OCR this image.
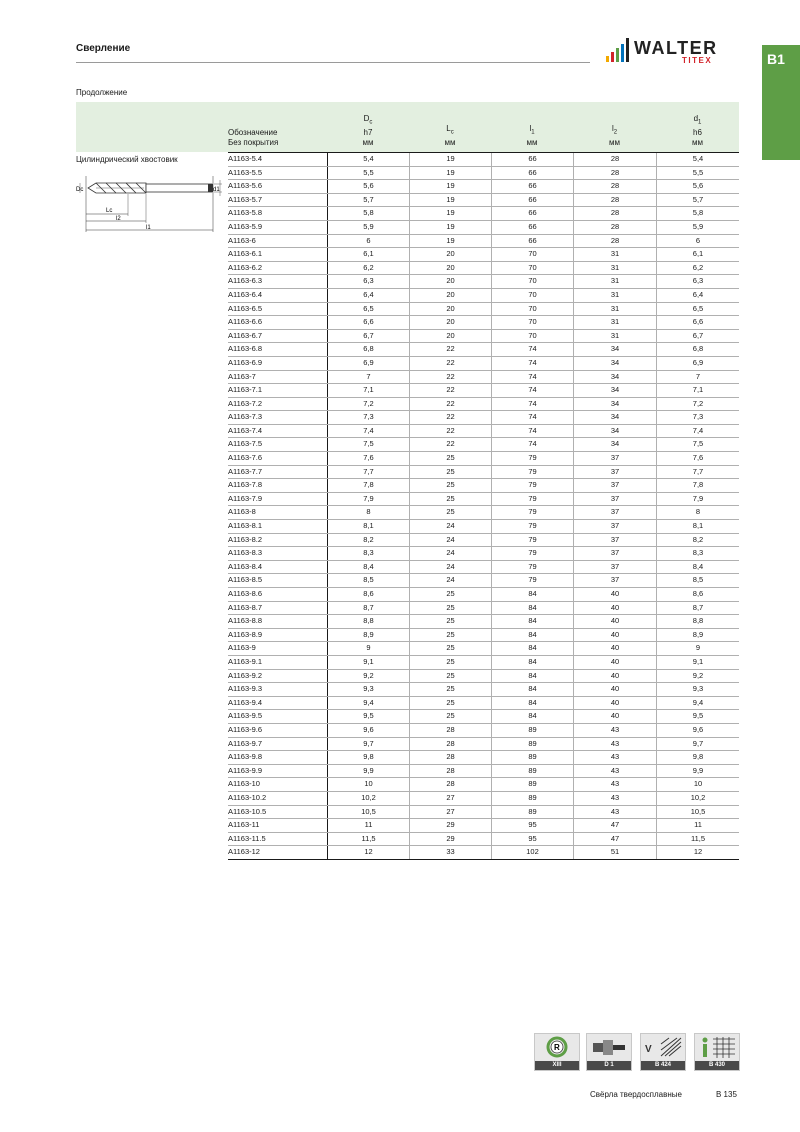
Сверление	WALTER
TITEX	B1
Продолжение
Обозначение
Без покрытия
$D_c$
h7
мм
$L_c$
мм
$l_1$
мм
$l_2$
мм
$d_1$
h6
мм
Цилиндрический хвостовик
Dc	d1
Lc
l2
l1
A1163-5.4	5,4	19	66	28	5,4
A1163-5.5	5,5	19	66	28	5,5
A1163-5.6	5,6	19	66	28	5,6
A1163-5.7	5,7	19	66	28	5,7
A1163-5.8	5,8	19	66	28	5,8
A1163-5.9	5,9	19	66	28	5,9
A1163-6	6	19	66	28	6
A1163-6.1	6,1	20	70	31	6,1
A1163-6.2	6,2	20	70	31	6,2
A1163-6.3	6,3	20	70	31	6,3
A1163-6.4	6,4	20	70	31	6,4
A1163-6.5	6,5	20	70	31	6,5
A1163-6.6	6,6	20	70	31	6,6
A1163-6.7	6,7	20	70	31	6,7
A1163-6.8	6,8	22	74	34	6,8
A1163-6.9	6,9	22	74	34	6,9
A1163-7	7	22	74	34	7
A1163-7.1	7,1	22	74	34	7,1
A1163-7.2	7,2	22	74	34	7,2
A1163-7.3	7,3	22	74	34	7,3
A1163-7.4	7,4	22	74	34	7,4
A1163-7.5	7,5	22	74	34	7,5
A1163-7.6	7,6	25	79	37	7,6
A1163-7.7	7,7	25	79	37	7,7
A1163-7.8	7,8	25	79	37	7,8
A1163-7.9	7,9	25	79	37	7,9
A1163-8	8	25	79	37	8
A1163-8.1	8,1	24	79	37	8,1
A1163-8.2	8,2	24	79	37	8,2
A1163-8.3	8,3	24	79	37	8,3
A1163-8.4	8,4	24	79	37	8,4
A1163-8.5	8,5	24	79	37	8,5
A1163-8.6	8,6	25	84	40	8,6
A1163-8.7	8,7	25	84	40	8,7
A1163-8.8	8,8	25	84	40	8,8
A1163-8.9	8,9	25	84	40	8,9
A1163-9	9	25	84	40	9
A1163-9.1	9,1	25	84	40	9,1
A1163-9.2	9,2	25	84	40	9,2
A1163-9.3	9,3	25	84	40	9,3
A1163-9.4	9,4	25	84	40	9,4
A1163-9.5	9,5	25	84	40	9,5
A1163-9.6	9,6	28	89	43	9,6
A1163-9.7	9,7	28	89	43	9,7
A1163-9.8	9,8	28	89	43	9,8
A1163-9.9	9,9	28	89	43	9,9
A1163-10	10	28	89	43	10
A1163-10.2	10,2	27	89	43	10,2
A1163-10.5	10,5	27	89	43	10,5
A1163-11	11	29	95	47	11
A1163-11.5	11,5	29	95	47	11,5
A1163-12	12	33	102	51	12
R
XIII	D 1
V
B 424	B 430
Свёрла твердосплавные	B 135
